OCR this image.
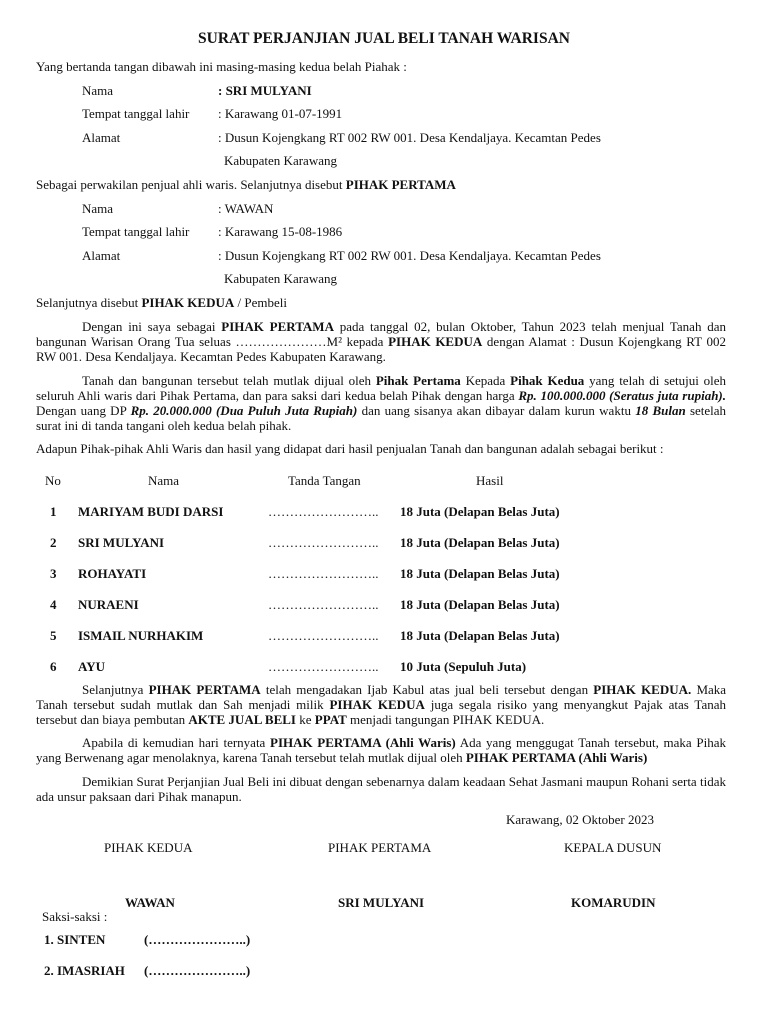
SURAT PERJANJIAN JUAL BELI TANAH WARISAN
Yang bertanda tangan dibawah ini masing-masing kedua belah Piahak :
Nama	: SRI MULYANI
Tempat tanggal lahir : Karawang 01-07-1991
Alamat	: Dusun Kojengkang RT 002 RW 001. Desa Kendaljaya. Kecamtan Pedes
Kabupaten Karawang
Sebagai perwakilan penjual ahli waris. Selanjutnya disebut PIHAK PERTAMA
Nama	: WAWAN
Tempat tanggal lahir : Karawang 15-08-1986
Alamat	: Dusun Kojengkang RT 002 RW 001. Desa Kendaljaya. Kecamtan Pedes
Kabupaten Karawang
Selanjutnya disebut PIHAK KEDUA / Pembeli
Dengan ini saya sebagai PIHAK PERTAMA pada tanggal 02, bulan Oktober, Tahun 2023 telah menjual Tanah dan bangunan Warisan Orang Tua seluas …………………M² kepada PIHAK KEDUA dengan Alamat : Dusun Kojengkang RT 002 RW 001. Desa Kendaljaya. Kecamtan Pedes Kabupaten Karawang.
Tanah dan bangunan tersebut telah mutlak dijual oleh Pihak Pertama Kepada Pihak Kedua yang telah di setujui oleh seluruh Ahli waris dari Pihak Pertama, dan para saksi dari kedua belah Pihak dengan harga Rp. 100.000.000 (Seratus juta rupiah). Dengan uang DP Rp. 20.000.000 (Dua Puluh Juta Rupiah) dan uang sisanya akan dibayar dalam kurun waktu 18 Bulan setelah surat ini di tanda tangani oleh kedua belah pihak.
Adapun Pihak-pihak Ahli Waris dan hasil yang didapat dari hasil penjualan Tanah dan bangunan adalah sebagai berikut :
No	Nama	Tanda Tangan	Hasil
1 MARIYAM BUDI DARSI	…………………….. 18 Juta (Delapan Belas Juta)
2 SRI MULYANI	…………………….. 18 Juta (Delapan Belas Juta)
3 ROHAYATI	…………………….. 18 Juta (Delapan Belas Juta)
4 NURAENI	…………………….. 18 Juta (Delapan Belas Juta)
5 ISMAIL NURHAKIM	…………………….. 18 Juta (Delapan Belas Juta)
6 AYU	…………………….. 10 Juta (Sepuluh Juta)
Selanjutnya PIHAK PERTAMA telah mengadakan Ijab Kabul atas jual beli tersebut dengan PIHAK KEDUA. Maka Tanah tersebut sudah mutlak dan Sah menjadi milik PIHAK KEDUA juga segala risiko yang menyangkut Pajak atas Tanah tersebut dan biaya pembutan AKTE JUAL BELI ke PPAT menjadi tangungan PIHAK KEDUA.
Apabila di kemudian hari ternyata PIHAK PERTAMA (Ahli Waris) Ada yang menggugat Tanah tersebut, maka Pihak yang Berwenang agar menolaknya, karena Tanah tersebut telah mutlak dijual oleh PIHAK PERTAMA (Ahli Waris)
Demikian Surat Perjanjian Jual Beli ini dibuat dengan sebenarnya dalam keadaan Sehat Jasmani maupun Rohani serta tidak ada unsur paksaan dari Pihak manapun.
Karawang, 02 Oktober 2023
PIHAK KEDUA	PIHAK PERTAMA	KEPALA DUSUN
WAWAN	SRI MULYANI	KOMARUDIN
Saksi-saksi :
1. SINTEN	(…………………..)
2. IMASRIAH (…………………..)
